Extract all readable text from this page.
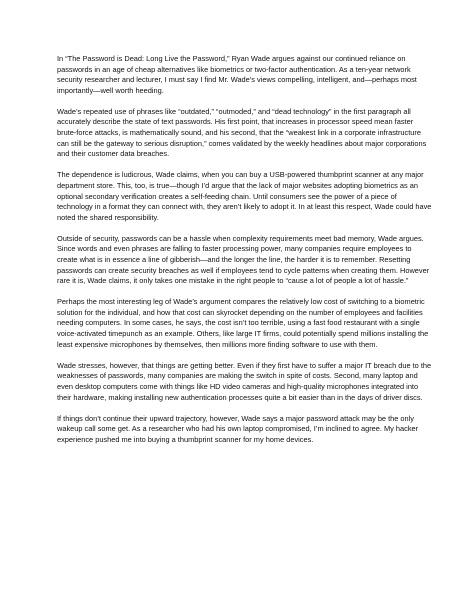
In “The Password is Dead: Long Live the Password,” Ryan Wade argues against our continued reliance on passwords in an age of cheap alternatives like biometrics or two-factor authentication. As a ten-year network security researcher and lecturer, I must say I find Mr. Wade’s views compelling, intelligent, and—perhaps most importantly—well worth heeding.

Wade’s repeated use of phrases like “outdated,” “outmoded,” and “dead technology” in the first paragraph all accurately describe the state of text passwords. His first point, that increases in processor speed mean faster brute-force attacks, is mathematically sound, and his second, that the “weakest link in a corporate infrastructure can still be the gateway to serious disruption,” comes validated by the weekly headlines about major corporations and their customer data breaches.

The dependence is ludicrous, Wade claims, when you can buy a USB-powered thumbprint scanner at any major department store. This, too, is true—though I’d argue that the lack of major websites adopting biometrics as an optional secondary verification creates a self-feeding chain. Until consumers see the power of a piece of technology in a format they can connect with, they aren’t likely to adopt it. In at least this respect, Wade could have noted the shared responsibility.

Outside of security, passwords can be a hassle when complexity requirements meet bad memory, Wade argues. Since words and even phrases are falling to faster processing power, many companies require employees to create what is in essence a line of gibberish—and the longer the line, the harder it is to remember. Resetting passwords can create security breaches as well if employees tend to cycle patterns when creating them. However rare it is, Wade claims, it only takes one mistake in the right people to “cause a lot of people a lot of hassle.”

Perhaps the most interesting leg of Wade’s argument compares the relatively low cost of switching to a biometric solution for the individual, and how that cost can skyrocket depending on the number of employees and facilities needing computers. In some cases, he says, the cost isn’t too terrible, using a fast food restaurant with a single voice-activated timepunch as an example. Others, like large IT firms, could potentially spend millions installing the least expensive microphones by themselves, then millions more finding software to use with them.

Wade stresses, however, that things are getting better. Even if they first have to suffer a major IT breach due to the weaknesses of passwords, many companies are making the switch in spite of costs. Second, many laptop and even desktop computers come with things like HD video cameras and high-quality microphones integrated into their hardware, making installing new authentication processes quite a bit easier than in the days of driver discs.

If things don’t continue their upward trajectory, however, Wade says a major password attack may be the only wakeup call some get. As a researcher who had his own laptop compromised, I’m inclined to agree. My hacker experience pushed me into buying a thumbprint scanner for my home devices.
